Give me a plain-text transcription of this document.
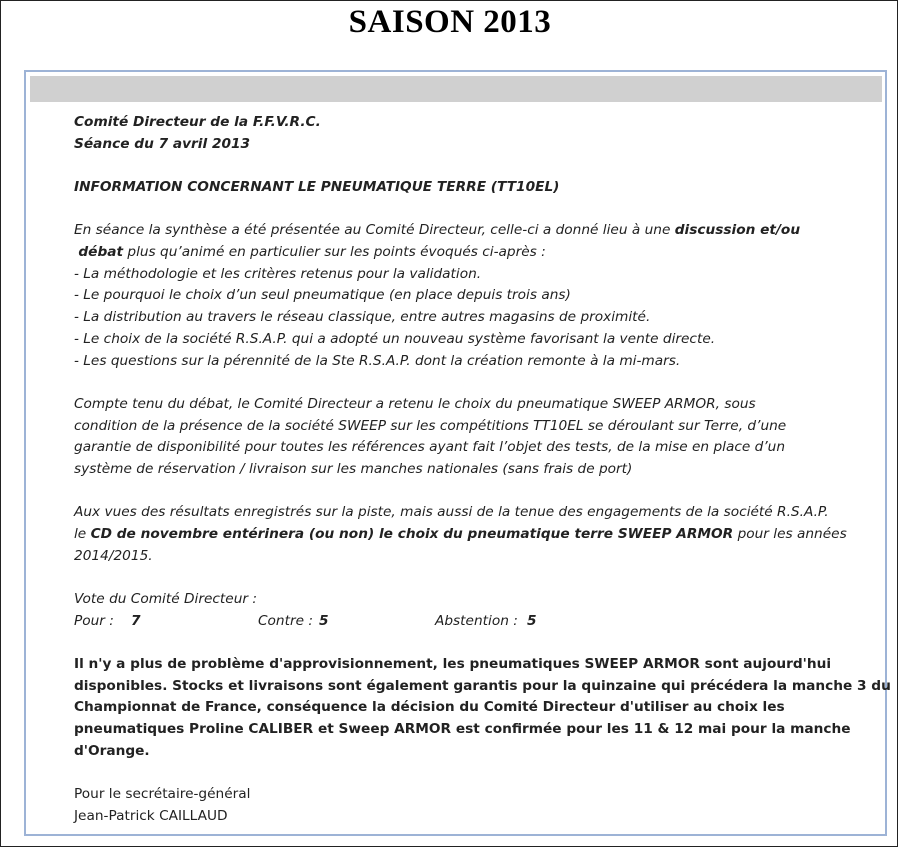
SAISON 2013

Comité Directeur de la F.F.V.R.C.

Séance du 7 avril 2013

INFORMATION CONCERNANT LE PNEUMATIQUE TERRE (TT10EL)

En séance la synthèse a été présentée au Comité Directeur, celle-ci a donné lieu à une discussion et/ou

débat plus qu’animé en particulier sur les points évoqués ci-après :

- La méthodologie et les critères retenus pour la validation.

- Le pourquoi le choix d’un seul pneumatique (en place depuis trois ans)

- La distribution au travers le réseau classique, entre autres magasins de proximité.

- Le choix de la société R.S.A.P. qui a adopté un nouveau système favorisant la vente directe.

- Les questions sur la pérennité de la Ste R.S.A.P. dont la création remonte à la mi-mars.

Compte tenu du débat, le Comité Directeur a retenu le choix du pneumatique SWEEP ARMOR, sous

condition de la présence de la société SWEEP sur les compétitions TT10EL se déroulant sur Terre, d’une

garantie de disponibilité pour toutes les références ayant fait l’objet des tests, de la mise en place d’un

système de réservation / livraison sur les manches nationales (sans frais de port)

Aux vues des résultats enregistrés sur la piste, mais aussi de la tenue des engagements de la société R.S.A.P.

le CD de novembre entérinera (ou non) le choix du pneumatique terre SWEEP ARMOR pour les années

2014/2015.

Vote du Comité Directeur :

Pour : 7	Contre : 5	Abstention : 5

Il n'y a plus de problème d'approvisionnement, les pneumatiques SWEEP ARMOR sont aujourd'hui

disponibles. Stocks et livraisons sont également garantis pour la quinzaine qui précédera la manche 3 du

Championnat de France, conséquence la décision du Comité Directeur d'utiliser au choix les

pneumatiques Proline CALIBER et Sweep ARMOR est confirmée pour les 11 & 12 mai pour la manche

d'Orange.

Pour le secrétaire-général

Jean-Patrick CAILLAUD
